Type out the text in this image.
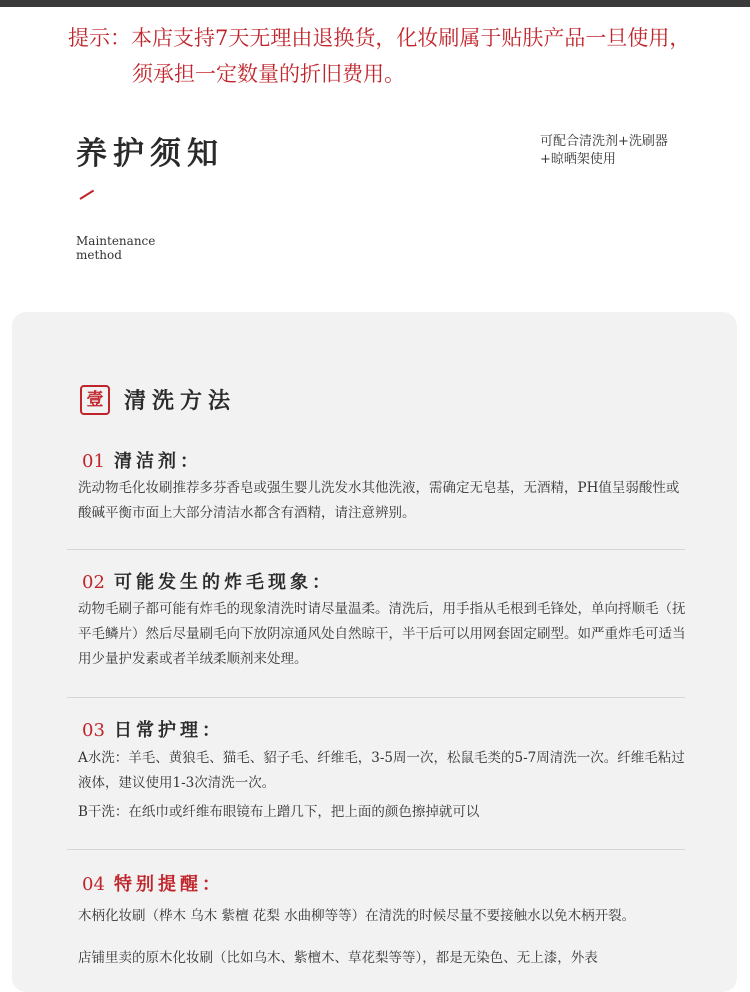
提示：本店支持7天无理由退换货，化妆刷属于贴肤产品一旦使用，
须承担一定数量的折旧费用。
养护须知	可配合清洗剂+洗刷器
+晾晒架使用
Maintenance
method
壹 清洗方法
01 清洁剂：
洗动物毛化妆刷推荐多芬香皂或强生婴儿洗发水其他洗液，需确定无皂基，无酒精，PH值呈弱酸性或酸碱平衡市面上大部分清洁水都含有酒精，请注意辨别。
02 可能发生的炸毛现象：
动物毛刷子都可能有炸毛的现象清洗时请尽量温柔。清洗后，用手指从毛根到毛锋处，单向捋顺毛（抚平毛鳞片）然后尽量刷毛向下放阴凉通风处自然晾干，半干后可以用网套固定刷型。如严重炸毛可适当用少量护发素或者羊绒柔顺剂来处理。
03 日常护理：
A水洗：羊毛、黄狼毛、猫毛、貂子毛、纤维毛，3-5周一次，松鼠毛类的5-7周清洗一次。纤维毛粘过液体，建议使用1-3次清洗一次。
B干洗：在纸巾或纤维布眼镜布上蹭几下，把上面的颜色擦掉就可以
04 特别提醒：
木柄化妆刷（桦木 乌木 紫檀 花梨 水曲柳等等）在清洗的时候尽量不要接触水以免木柄开裂。
店铺里卖的原木化妆刷（比如乌木、紫檀木、草花梨等等），都是无染色、无上漆，外表
